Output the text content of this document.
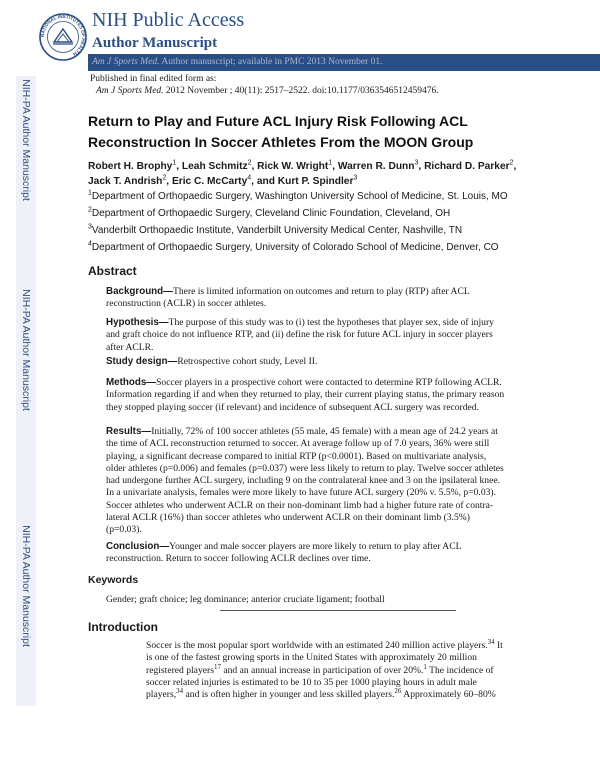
NIH-PA Author Manuscript
NIH-PA Author Manuscript
NIH-PA Author Manuscript
NATIONAL INSTITUTES OF HEALTH
NIH Public Access
Author Manuscript
Am J Sports Med. Author manuscript; available in PMC 2013 November 01.
Published in final edited form as:
Am J Sports Med. 2012 November ; 40(11): 2517–2522. doi:10.1177/0363546512459476.
Return to Play and Future ACL Injury Risk Following ACL
Reconstruction In Soccer Athletes From the MOON Group
Robert H. Brophy$^1$, Leah Schmitz$^2$, Rick W. Wright$^1$, Warren R. Dunn$^3$, Richard D. Parker$^2$,
Jack T. Andrish$^2$, Eric C. McCarty$^4$, and Kurt P. Spindler$^3$
$^1$Department of Orthopaedic Surgery, Washington University School of Medicine, St. Louis, MO
$^2$Department of Orthopaedic Surgery, Cleveland Clinic Foundation, Cleveland, OH
$^3$Vanderbilt Orthopaedic Institute, Vanderbilt University Medical Center, Nashville, TN
$^4$Department of Orthopaedic Surgery, University of Colorado School of Medicine, Denver, CO
Abstract
Background—There is limited information on outcomes and return to play (RTP) after ACL reconstruction (ACLR) in soccer athletes.
Hypothesis—The purpose of this study was to (i) test the hypotheses that player sex, side of injury and graft choice do not influence RTP, and (ii) define the risk for future ACL injury in soccer players after ACLR.
Study design—Retrospective cohort study, Level II.
Methods—Soccer players in a prospective cohort were contacted to determine RTP following ACLR. Information regarding if and when they returned to play, their current playing status, the primary reason they stopped playing soccer (if relevant) and incidence of subsequent ACL surgery was recorded.
Results—Initially, 72% of 100 soccer athletes (55 male, 45 female) with a mean age of 24.2 years at the time of ACL reconstruction returned to soccer. At average follow up of 7.0 years, 36% were still playing, a significant decrease compared to initial RTP (p<0.0001). Based on multivariate analysis, older athletes (p=0.006) and females (p=0.037) were less likely to return to play. Twelve soccer athletes had undergone further ACL surgery, including 9 on the contralateral knee and 3 on the ipsilateral knee. In a univariate analysis, females were more likely to have future ACL surgery (20% v. 5.5%, p=0.03). Soccer athletes who underwent ACLR on their non-dominant limb had a higher future rate of contra-lateral ACLR (16%) than soccer athletes who underwent ACLR on their dominant limb (3.5%) (p=0.03).
Conclusion—Younger and male soccer players are more likely to return to play after ACL reconstruction. Return to soccer following ACLR declines over time.
Keywords
Gender; graft choice; leg dominance; anterior cruciate ligament; football
Introduction
Soccer is the most popular sport worldwide with an estimated 240 million active players.$^{34}$ It is one of the fastest growing sports in the United States with approximately 20 million registered players$^{17}$ and an annual increase in participation of over 20%.$^1$ The incidence of soccer related injuries is estimated to be 10 to 35 per 1000 playing hours in adult male players,$^{34}$ and is often higher in younger and less skilled players.$^{26}$ Approximately 60–80%
